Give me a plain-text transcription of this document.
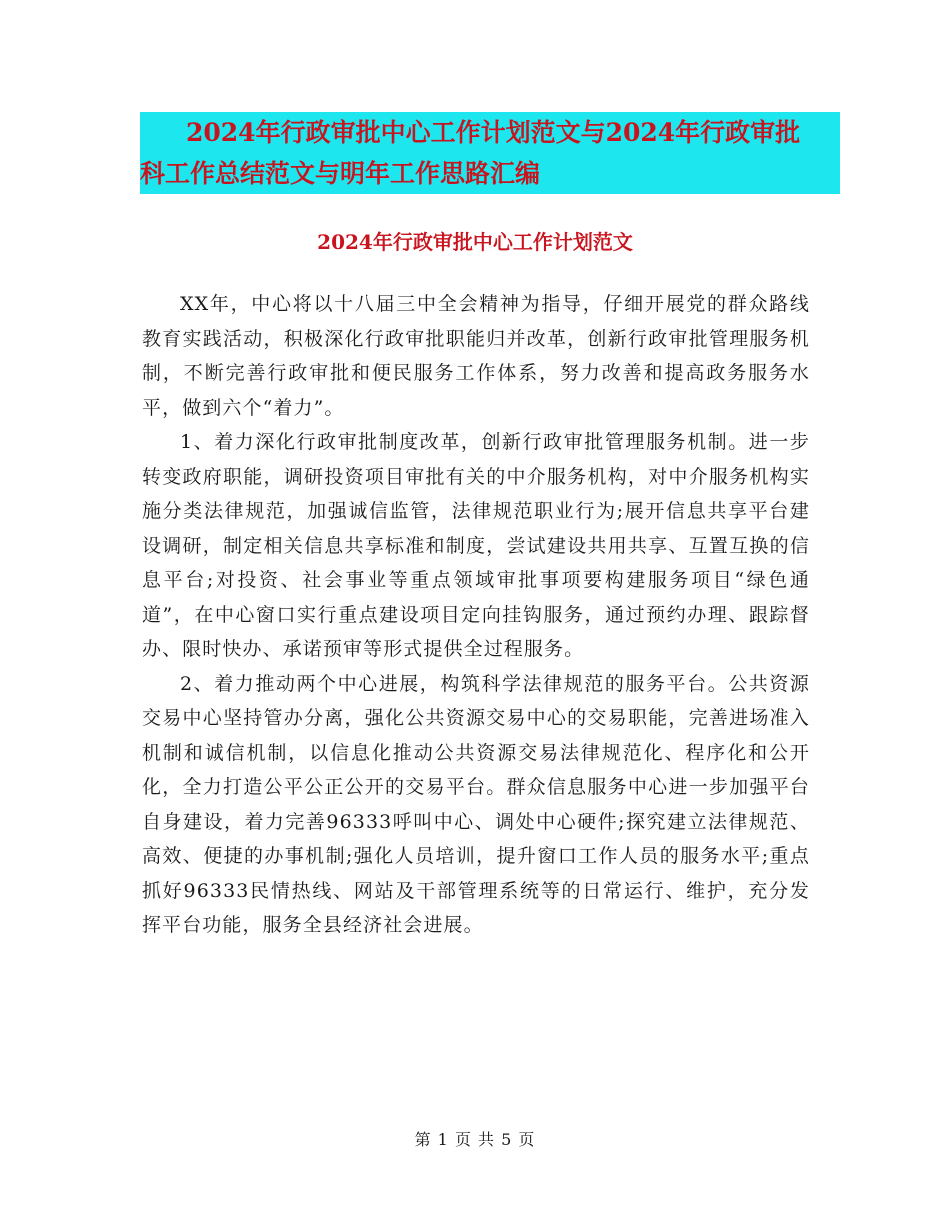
2024年行政审批中心工作计划范文与2024年行政审批
科工作总结范文与明年工作思路汇编
2024年行政审批中心工作计划范文

XX年，中心将以十八届三中全会精神为指导，仔细开展党的群众路线教育实践活动，积极深化行政审批职能归并改革，创新行政审批管理服务机制，不断完善行政审批和便民服务工作体系，努力改善和提高政务服务水平，做到六个“着力”。

1、着力深化行政审批制度改革，创新行政审批管理服务机制。进一步转变政府职能，调研投资项目审批有关的中介服务机构，对中介服务机构实施分类法律规范，加强诚信监管，法律规范职业行为;展开信息共享平台建设调研，制定相关信息共享标准和制度，尝试建设共用共享、互置互换的信息平台;对投资、社会事业等重点领域审批事项要构建服务项目“绿色通道”，在中心窗口实行重点建设项目定向挂钩服务，通过预约办理、跟踪督办、限时快办、承诺预审等形式提供全过程服务。

2、着力推动两个中心进展，构筑科学法律规范的服务平台。公共资源交易中心坚持管办分离，强化公共资源交易中心的交易职能，完善进场准入机制和诚信机制，以信息化推动公共资源交易法律规范化、程序化和公开化，全力打造公平公正公开的交易平台。群众信息服务中心进一步加强平台自身建设，着力完善96333呼叫中心、调处中心硬件;探究建立法律规范、高效、便捷的办事机制;强化人员培训，提升窗口工作人员的服务水平;重点抓好96333民情热线、网站及干部管理系统等的日常运行、维护，充分发挥平台功能，服务全县经济社会进展。

第 1 页 共 5 页
